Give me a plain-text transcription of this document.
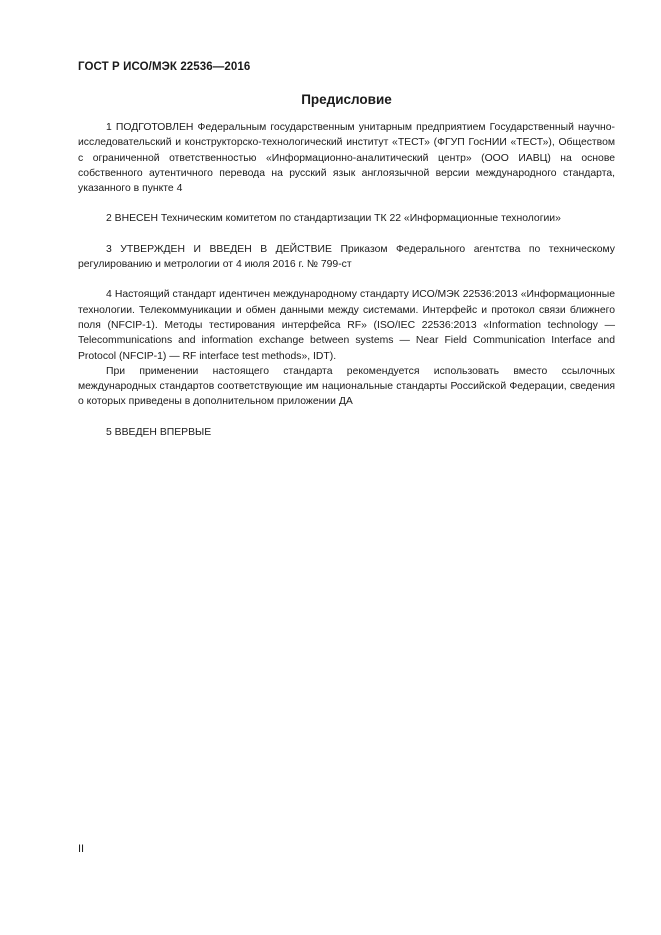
ГОСТ Р ИСО/МЭК 22536—2016
Предисловие

1 ПОДГОТОВЛЕН Федеральным государственным унитарным предприятием Государственный научно-исследовательский и конструкторско-технологический институт «ТЕСТ» (ФГУП ГосНИИ «ТЕСТ»), Обществом с ограниченной ответственностью «Информационно-аналитический центр» (ООО ИАВЦ) на основе собственного аутентичного перевода на русский язык англоязычной версии международного стандарта, указанного в пункте 4

2 ВНЕСЕН Техническим комитетом по стандартизации ТК 22 «Информационные технологии»

3 УТВЕРЖДЕН И ВВЕДЕН В ДЕЙСТВИЕ Приказом Федерального агентства по техническому регулированию и метрологии от 4 июля 2016 г. № 799-ст

4 Настоящий стандарт идентичен международному стандарту ИСО/МЭК 22536:2013 «Информационные технологии. Телекоммуникации и обмен данными между системами. Интерфейс и протокол связи ближнего поля (NFCIP-1). Методы тестирования интерфейса RF» (ISO/IEC 22536:2013 «Information technology — Telecommunications and information exchange between systems — Near Field Communication Interface and Protocol (NFCIP-1) — RF interface test methods», IDT).

При применении настоящего стандарта рекомендуется использовать вместо ссылочных международных стандартов соответствующие им национальные стандарты Российской Федерации, сведения о которых приведены в дополнительном приложении ДА

5 ВВЕДЕН ВПЕРВЫЕ

II
